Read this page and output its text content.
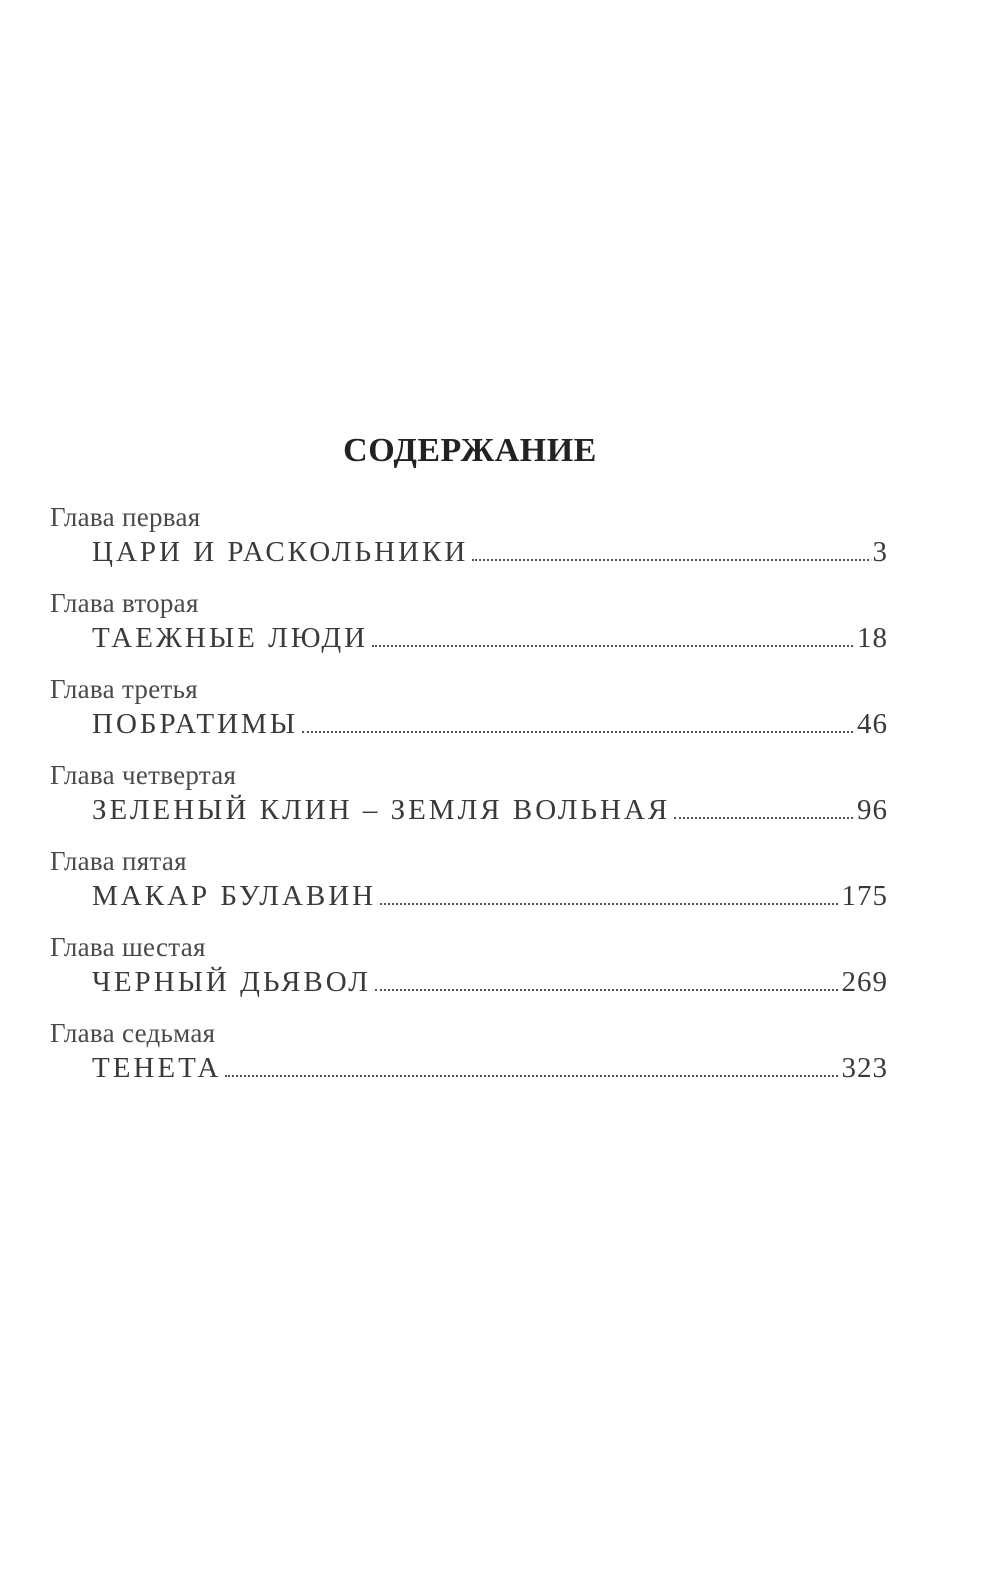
СОДЕРЖАНИЕ
Глава первая
ЦАРИ И РАСКОЛЬНИКИ	3
Глава вторая
ТАЕЖНЫЕ ЛЮДИ	18
Глава третья
ПОБРАТИМЫ	46
Глава четвертая
ЗЕЛЕНЫЙ КЛИН – ЗЕМЛЯ ВОЛЬНАЯ	96
Глава пятая
МАКАР БУЛАВИН	175
Глава шестая
ЧЕРНЫЙ ДЬЯВОЛ	269
Глава седьмая
ТЕНЕТА	323
